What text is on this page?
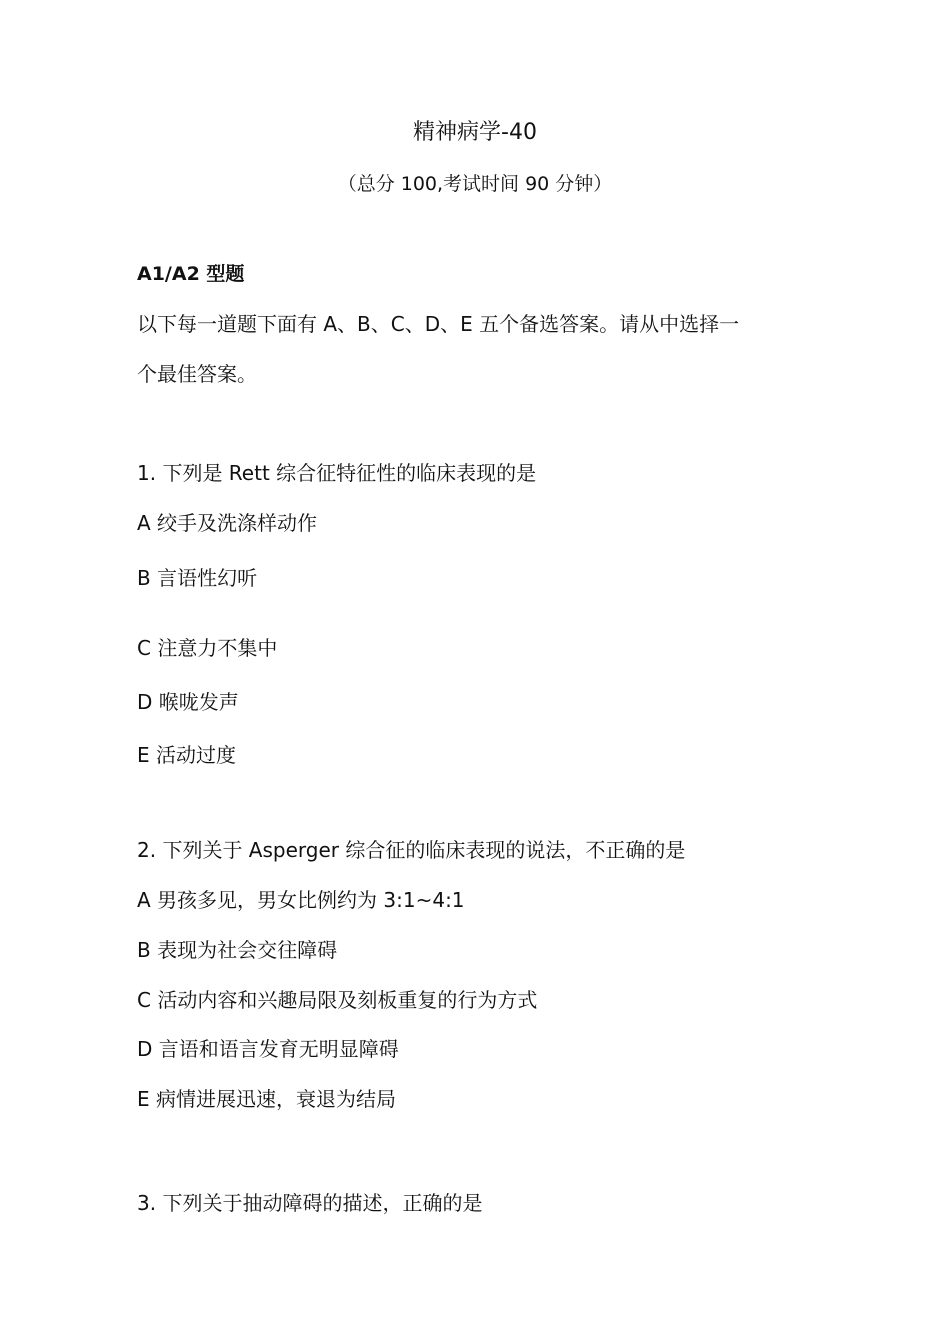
精神病学-40
（总分 100,考试时间 90 分钟）
A1/A2 型题
以下每一道题下面有 A、B、C、D、E 五个备选答案。请从中选择一
个最佳答案。
1. 下列是 Rett 综合征特征性的临床表现的是
A 绞手及洗涤样动作
B 言语性幻听
C 注意力不集中
D 喉咙发声
E 活动过度
2. 下列关于 Asperger 综合征的临床表现的说法，不正确的是
A 男孩多见，男女比例约为 3:1~4:1
B 表现为社会交往障碍
C 活动内容和兴趣局限及刻板重复的行为方式
D 言语和语言发育无明显障碍
E 病情进展迅速，衰退为结局
3. 下列关于抽动障碍的描述，正确的是
